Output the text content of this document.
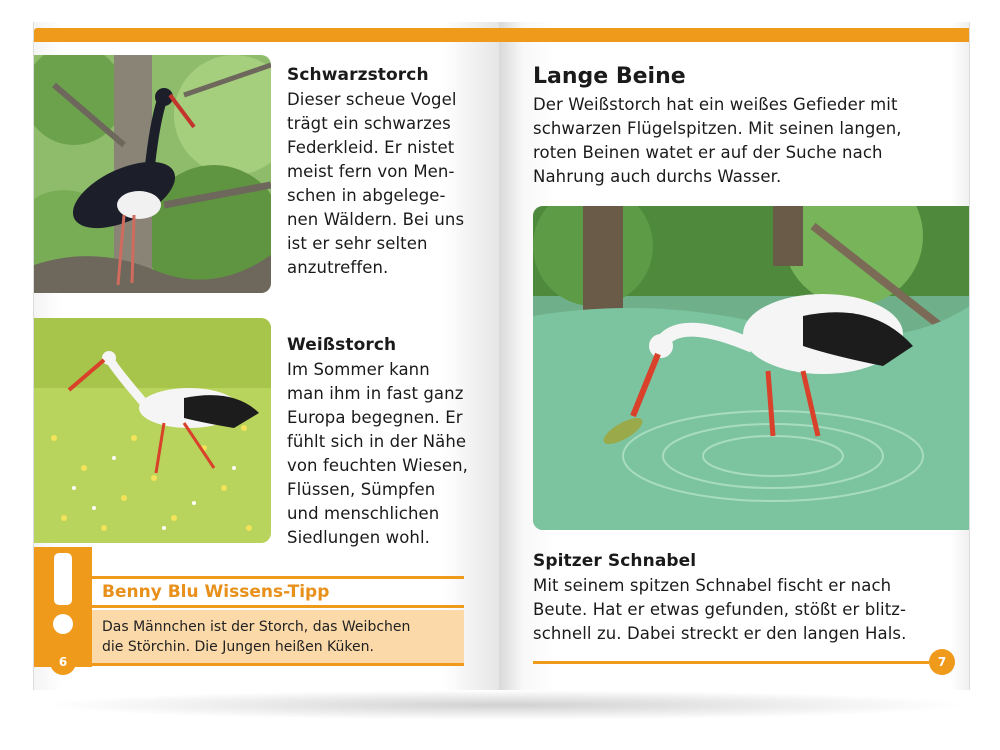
Schwarzstorch

Dieser scheue Vogel
trägt ein schwarzes
Federkleid. Er nistet
meist fern von Men-
schen in abgelege-
nen Wäldern. Bei uns
ist er sehr selten
anzutreffen.

Weißstorch

Im Sommer kann
man ihm in fast ganz
Europa begegnen. Er
fühlt sich in der Nähe
von feuchten Wiesen,
Flüssen, Sümpfen
und menschlichen
Siedlungen wohl.

Benny Blu Wissens-Tipp
Das Männchen ist der Storch, das Weibchen
die Störchin. Die Jungen heißen Küken.
6
Lange Beine

Der Weißstorch hat ein weißes Gefieder mit
schwarzen Flügelspitzen. Mit seinen langen,
roten Beinen watet er auf der Suche nach
Nahrung auch durchs Wasser.

Spitzer Schnabel

Mit seinem spitzen Schnabel fischt er nach
Beute. Hat er etwas gefunden, stößt er blitz-
schnell zu. Dabei streckt er den langen Hals.

7
